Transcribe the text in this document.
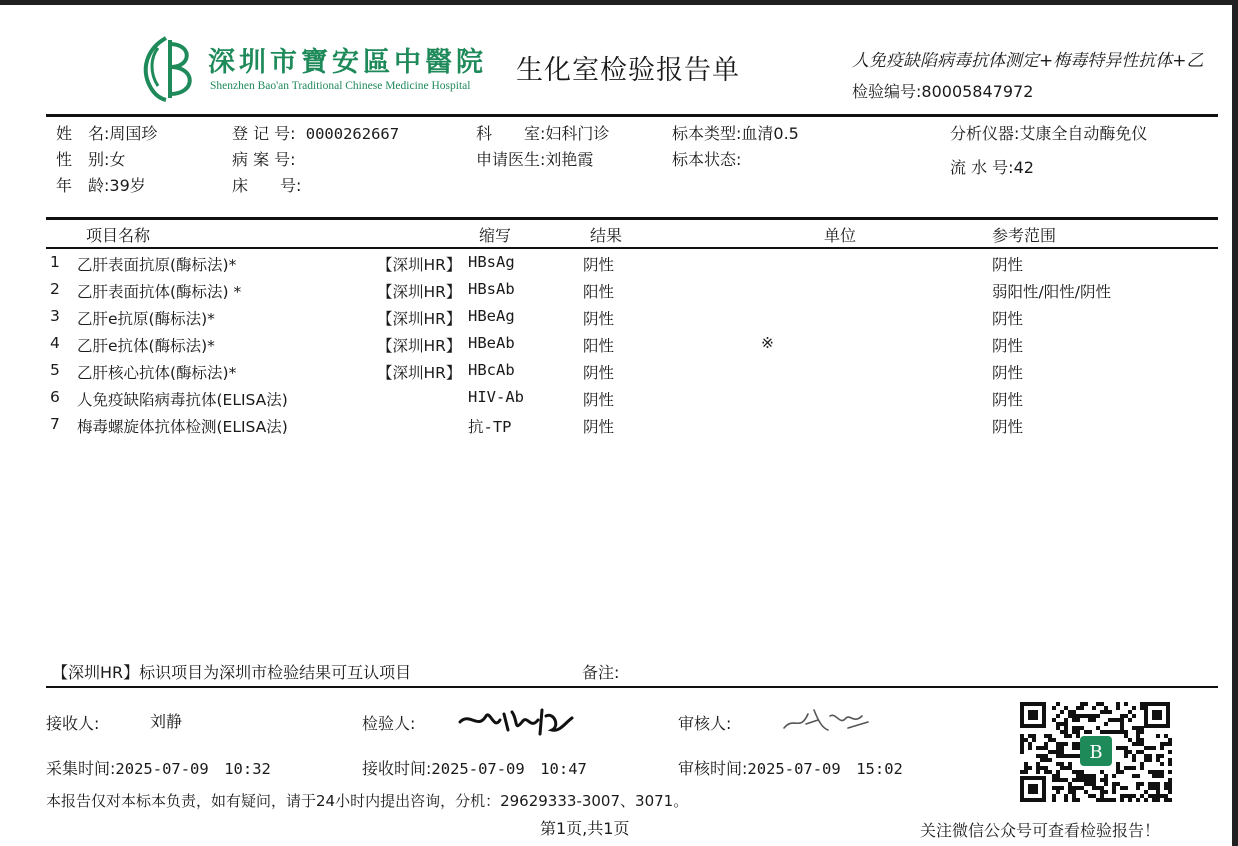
深圳市寶安區中醫院
Shenzhen Bao'an Traditional Chinese Medicine Hospital 生化室检验报告单	人免疫缺陷病毒抗体测定+梅毒特异性抗体+乙
检验编号:80005847972
姓　名:周国珍
性　别:女
年　龄:39岁
登 记 号: 0000262667
病 案 号:
床　　号:
科　　室:妇科门诊
申请医生:刘艳霞
标本类型:血清0.5
标本状态:
分析仪器:艾康全自动酶免仪
流 水 号:42
项目名称	缩写	结果	单位	参考范围
1 乙肝表面抗原(酶标法)*	【深圳HR】 HBsAg	阴性	阴性
2 乙肝表面抗体(酶标法) *	【深圳HR】 HBsAb	阳性	弱阳性/阳性/阴性
3 乙肝e抗原(酶标法)*	【深圳HR】 HBeAg	阴性	阴性
4 乙肝e抗体(酶标法)*	【深圳HR】 HBeAb	阳性	※	阴性
5 乙肝核心抗体(酶标法)*	【深圳HR】 HBcAb	阴性	阴性
6 人免疫缺陷病毒抗体(ELISA法)	HIV-Ab	阴性	阴性
7 梅毒螺旋体抗体检测(ELISA法)	抗-TP	阴性	阴性
【深圳HR】标识项目为深圳市检验结果可互认项目	备注:
接收人:	刘静	检验人:	审核人:
采集时间:2025-07-09　10:32	接收时间:2025-07-09　10:47	审核时间:2025-07-09　15:02
本报告仅对本标本负责，如有疑问，请于24小时内提出咨询，分机：29629333-3007、3071。
第1页,共1页	关注微信公众号可查看检验报告！
B
